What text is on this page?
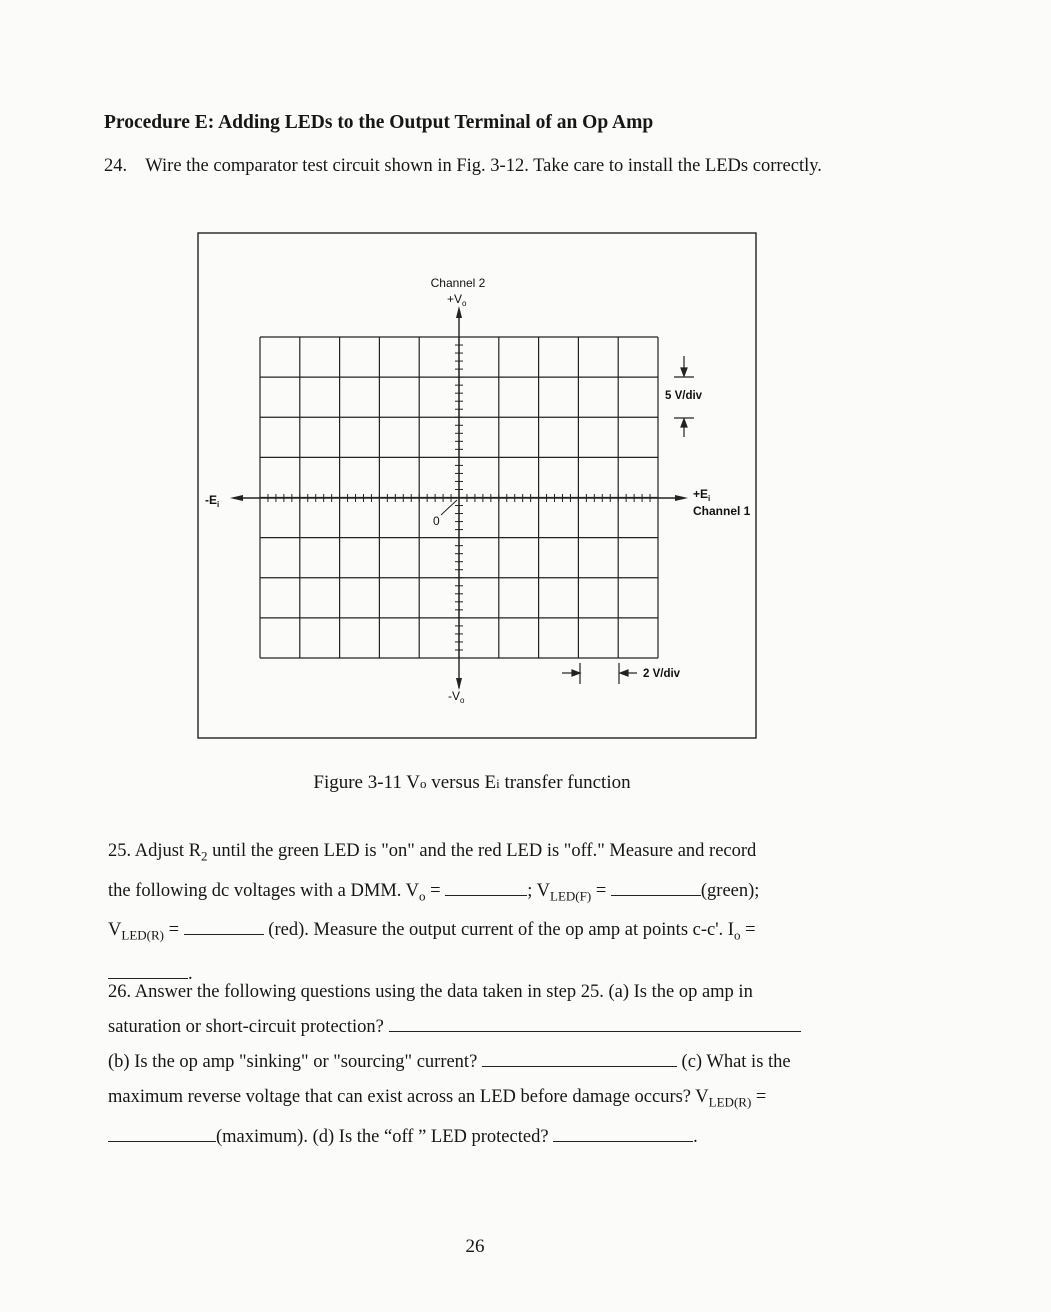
Procedure E: Adding LEDs to the Output Terminal of an Op Amp
24. Wire the comparator test circuit shown in Fig. 3-12. Take care to install the LEDs correctly.
Channel 2
$+V_o$
$-V_o$
$-E_i$
$+E_i$
Channel 1
0
5 V/div
2 V/div
Figure 3-11 Vo versus Ei transfer function
25. Adjust $R_2$ until the green LED is "on" and the red LED is "off." Measure and record
the following dc voltages with a DMM. $V_o$ =	; $V_{LED(F)}$ =	(green);
$V_{LED(R)}$ =	(red). Measure the output current of the op amp at points c-c'. $I_o$ =
.
26. Answer the following questions using the data taken in step 25. (a) Is the op amp in
saturation or short-circuit protection?
(b) Is the op amp "sinking" or "sourcing" current?	(c) What is the
maximum reverse voltage that can exist across an LED before damage occurs? $V_{LED(R)}$ =
(maximum). (d) Is the “off ” LED protected?	.
26
